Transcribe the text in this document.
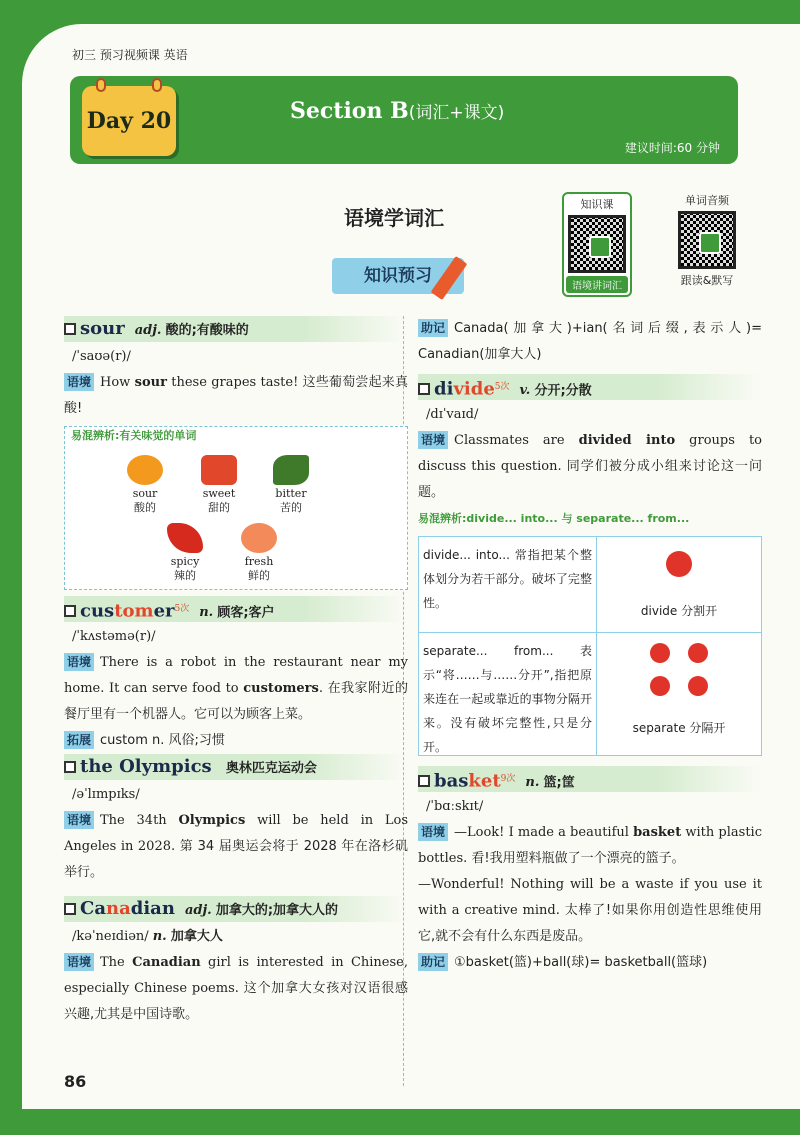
初三 预习视频课 英语
Day 20	Section B(词汇+课文)
建议时间:60 分钟
语境学词汇
知识课
语境讲词汇
单词音频
跟读&默写
知识预习
sour adj. 酸的;有酸味的
/ˈsaʊə(r)/
语境 How sour these grapes taste! 这些葡萄尝起来真酸!
易混辨析:有关味觉的单词
sour
酸的
sweet
甜的
bitter
苦的
spicy
辣的
fresh
鲜的
customer$^{5次}$ n. 顾客;客户
/ˈkʌstəmə(r)/
语境 There is a robot in the restaurant near my home. It can serve food to customers. 在我家附近的餐厅里有一个机器人。它可以为顾客上菜。
拓展 custom n. 风俗;习惯
the Olympics 奥林匹克运动会
/əˈlɪmpɪks/
语境 The 34th Olympics will be held in Los Angeles in 2028. 第 34 届奥运会将于 2028 年在洛杉矶举行。
Canadian adj. 加拿大的;加拿大人的
/kəˈneɪdiən/ n. 加拿大人
语境 The Canadian girl is interested in Chinese, especially Chinese poems. 这个加拿大女孩对汉语很感兴趣,尤其是中国诗歌。
助记 Canada(加拿大)+ian(名词后缀,表示人)= Canadian(加拿大人)
divide$^{5次}$ v. 分开;分散
/dɪˈvaɪd/
语境 Classmates are divided into groups to discuss this question. 同学们被分成小组来讨论这一问题。
易混辨析:divide... into... 与 separate... from...
divide... into... 常指把某个整体划分为若干部分。破坏了完整性。
divide 分割开
separate... from... 表示“将……与……分开”,指把原来连在一起或靠近的事物分隔开来。没有破坏完整性,只是分开。
separate 分隔开
basket$^{9次}$ n. 篮;筐
/ˈbɑːskɪt/
语境 —Look! I made a beautiful basket with plastic bottles. 看!我用塑料瓶做了一个漂亮的篮子。
—Wonderful! Nothing will be a waste if you use it with a creative mind. 太棒了!如果你用创造性思维使用它,就不会有什么东西是废品。
助记 ①basket(篮)+ball(球)= basketball(篮球)
86
